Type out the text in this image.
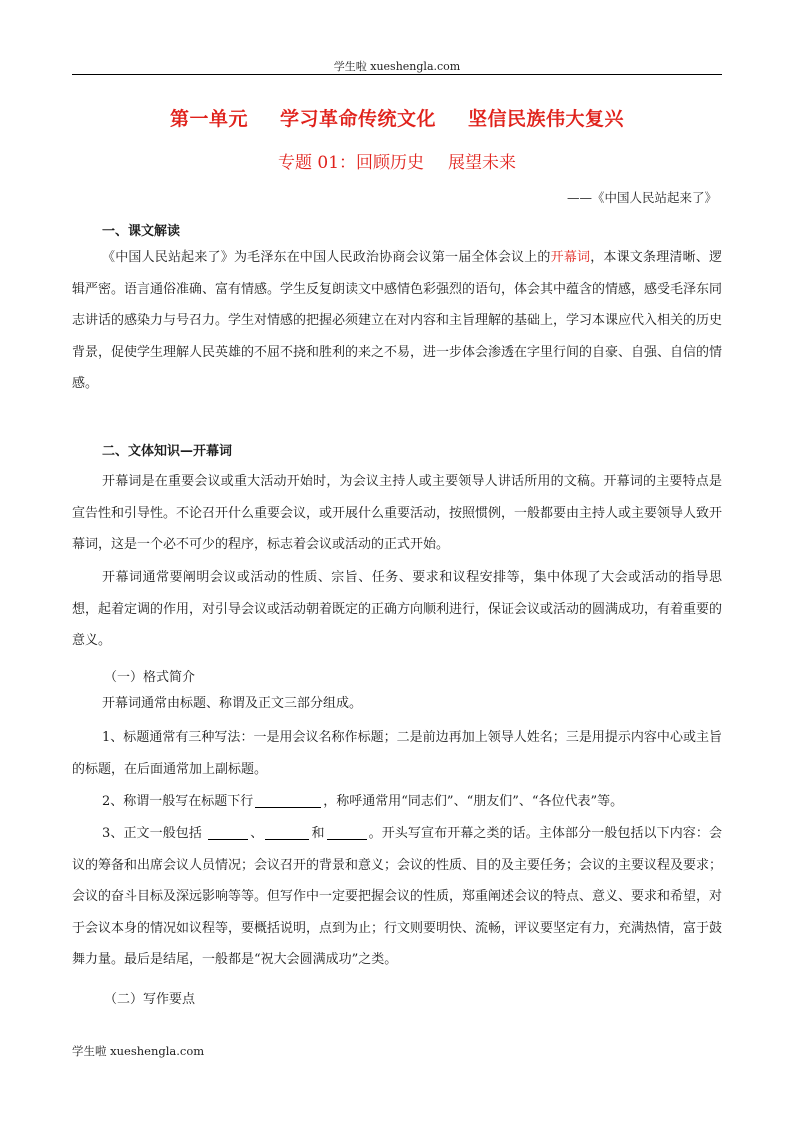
学生啦 xueshengla.com
第一单元 学习革命传统文化 坚信民族伟大复兴
专题 01：回顾历史 展望未来
——《中国人民站起来了》
一、课文解读

《中国人民站起来了》为毛泽东在中国人民政治协商会议第一届全体会议上的开幕词，本课文条理清晰、逻辑严密。语言通俗准确、富有情感。学生反复朗读文中感情色彩强烈的语句，体会其中蕴含的情感，感受毛泽东同志讲话的感染力与号召力。学生对情感的把握必须建立在对内容和主旨理解的基础上，学习本课应代入相关的历史背景，促使学生理解人民英雄的不屈不挠和胜利的来之不易，进一步体会渗透在字里行间的自豪、自强、自信的情感。

二、文体知识—开幕词

开幕词是在重要会议或重大活动开始时，为会议主持人或主要领导人讲话所用的文稿。开幕词的主要特点是宣告性和引导性。不论召开什么重要会议，或开展什么重要活动，按照惯例，一般都要由主持人或主要领导人致开幕词，这是一个必不可少的程序，标志着会议或活动的正式开始。

开幕词通常要阐明会议或活动的性质、宗旨、任务、要求和议程安排等，集中体现了大会或活动的指导思想，起着定调的作用，对引导会议或活动朝着既定的正确方向顺利进行，保证会议或活动的圆满成功，有着重要的意义。

（一）格式简介

开幕词通常由标题、称谓及正文三部分组成。

1、标题通常有三种写法：一是用会议名称作标题；二是前边再加上领导人姓名；三是用提示内容中心或主旨的标题，在后面通常加上副标题。

2、称谓一般写在标题下行	，称呼通常用“同志们”、“朋友们”、“各位代表”等。

3、正文一般包括	、	和	。开头写宣布开幕之类的话。主体部分一般包括以下内容：会议的筹备和出席会议人员情况；会议召开的背景和意义；会议的性质、目的及主要任务；会议的主要议程及要求；会议的奋斗目标及深远影响等等。但写作中一定要把握会议的性质，郑重阐述会议的特点、意义、要求和希望，对于会议本身的情况如议程等，要概括说明，点到为止；行文则要明快、流畅，评议要坚定有力，充满热情，富于鼓舞力量。最后是结尾，一般都是“祝大会圆满成功”之类。

（二）写作要点
学生啦 xueshengla.com
